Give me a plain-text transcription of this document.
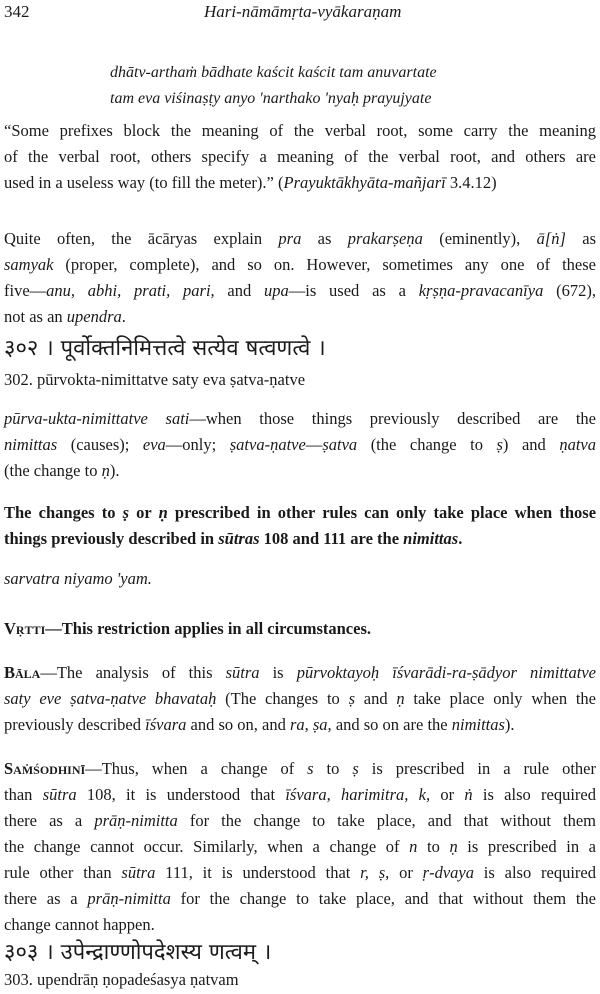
342	Hari-nāmāmṛta-vyākaraṇam
dhātv-arthaṁ bādhate kaścit kaścit tam anuvartate
tam eva viśinaṣṭy anyo 'narthako 'nyaḥ prayujyate
“Some prefixes block the meaning of the verbal root, some carry the meaning
of the verbal root, others specify a meaning of the verbal root, and others are
used in a useless way (to fill the meter).” (Prayuktākhyāta-mañjarī 3.4.12)
Quite often, the ācāryas explain pra as prakarṣeṇa (eminently), ā[ṅ] as
samyak (proper, complete), and so on. However, sometimes any one of these
five—anu, abhi, prati, pari, and upa—is used as a kṛṣṇa-pravacanīya (672),
not as an upendra.
३०२ । पूर्वोक्तनिमित्तत्वे सत्येव षत्वणत्वे ।
302. pūrvokta-nimittatve saty eva ṣatva-ṇatve
pūrva-ukta-nimittatve sati—when those things previously described are the
nimittas (causes); eva—only; ṣatva-ṇatve—ṣatva (the change to ṣ) and ṇatva
(the change to ṇ).
The changes to ṣ or ṇ prescribed in other rules can only take place when those
things previously described in sūtras 108 and 111 are the nimittas.
sarvatra niyamo 'yam.
Vṛtti—This restriction applies in all circumstances.
Bāla—The analysis of this sūtra is pūrvoktayoḥ īśvarādi-ra-ṣādyor nimittatve
saty eve ṣatva-ṇatve bhavataḥ (The changes to ṣ and ṇ take place only when the
previously described īśvara and so on, and ra, ṣa, and so on are the nimittas).
Saṁśodhinī—Thus, when a change of s to ṣ is prescribed in a rule other
than sūtra 108, it is understood that īśvara, harimitra, k, or ṅ is also required
there as a prāṇ-nimitta for the change to take place, and that without them
the change cannot occur. Similarly, when a change of n to ṇ is prescribed in a
rule other than sūtra 111, it is understood that r, ṣ, or ṛ-dvaya is also required
there as a prāṇ-nimitta for the change to take place, and that without them the
change cannot happen.
३०३ । उपेन्द्राण्णोपदेशस्य णत्वम् ।
303. upendrāṇ ṇopadeśasya ṇatvam
